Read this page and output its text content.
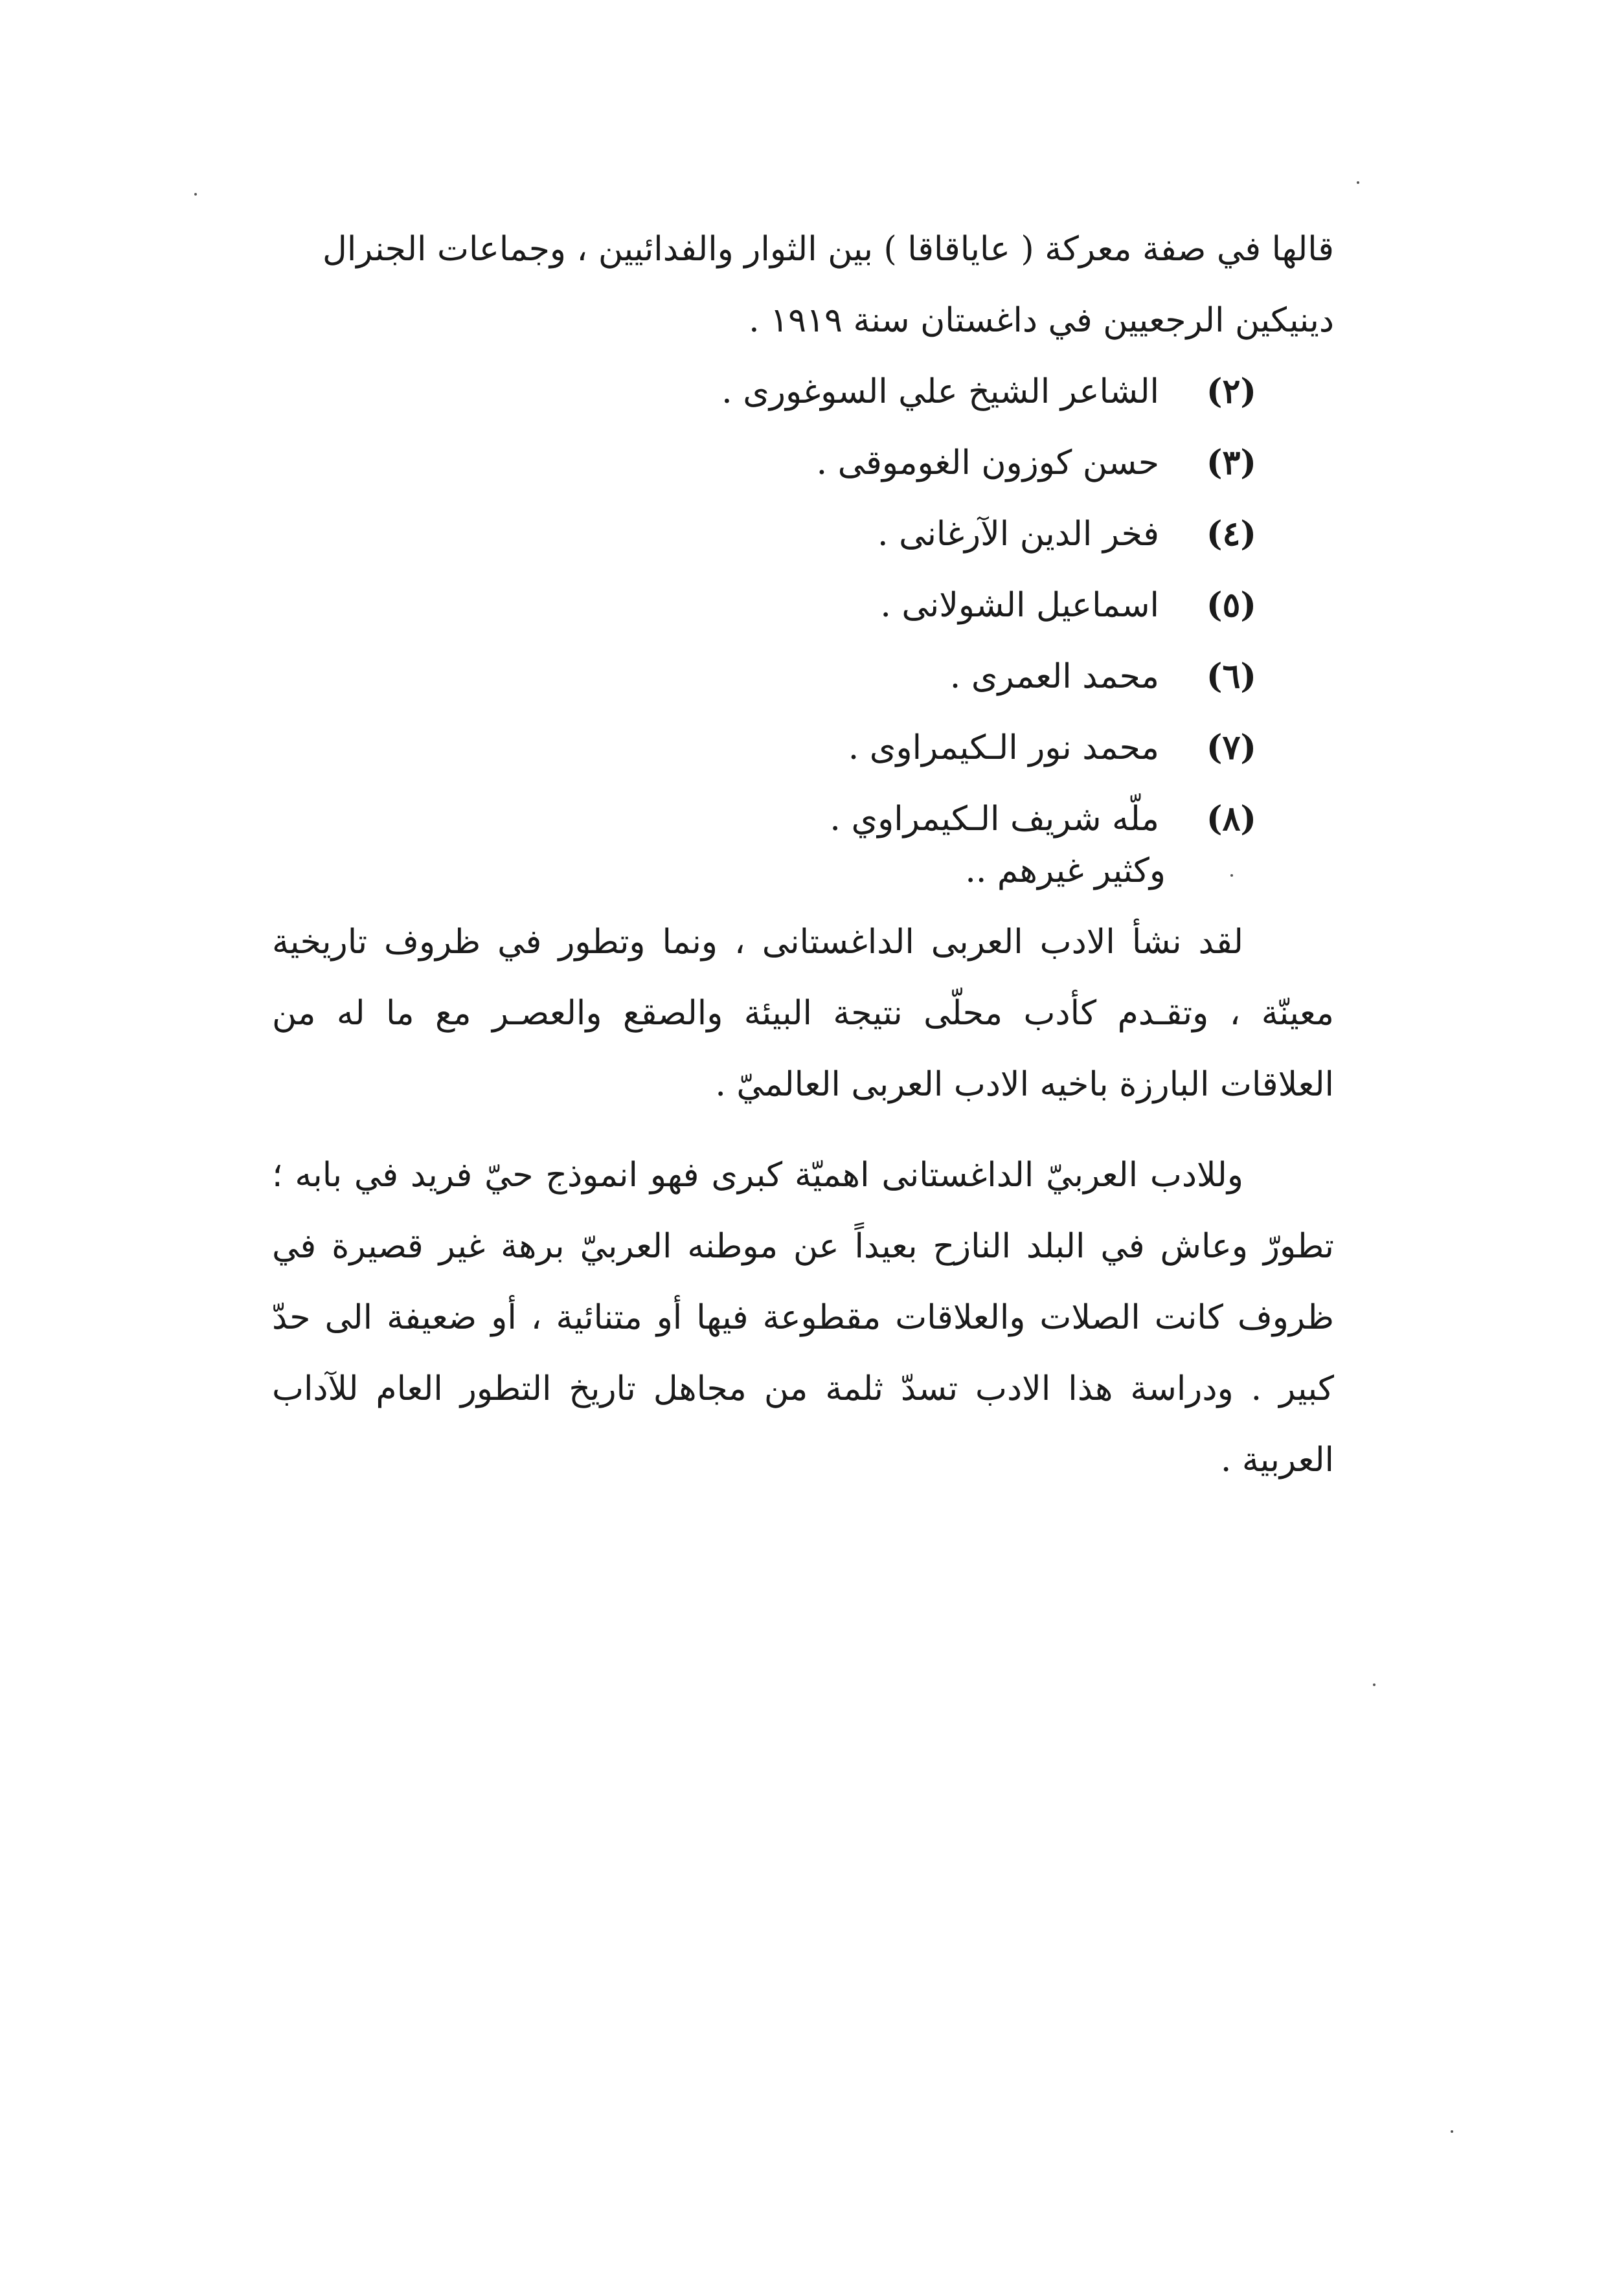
قالها في صفة معركة ( عاياقاقا ) بين الثوار والفدائيين ، وجماعات الجنرال
دينيكين الرجعيين في داغستان سنة ١٩١٩ .
(٢)
الشاعر الشيخ علي السوغورى .
(٣)
حسن كوزون الغوموقى .
(٤)
فخر الدين الآرغانى .
(٥)
اسماعيل الشولانى .
(٦)
محمد العمرى .
(٧)
محمد نور الـكيمراوى .
(٨)
ملّه شريف الـكيمراوي .
وكثير غيرهم ..

لقد نشأ الادب العربى الداغستانى ، ونما وتطور في ظروف تاريخية معينّة ، وتقـدم كأدب محلّى نتيجة البيئة والصقع والعصـر مع ما له من العلاقات البارزة باخيه الادب العربى العالميّ .

وللادب العربيّ الداغستانى اهميّة كبرى فهو انموذج حيّ فريد في بابه ؛ تطورّ وعاش في البلد النازح بعيداً عن موطنه العربيّ برهة غير قصيرة في ظروف كانت الصلات والعلاقات مقطوعة فيها أو متنائية ، أو ضعيفة الى حدّ كبير . ودراسة هذا الادب تسدّ ثلمة من مجاهل تاريخ التطور العام للآداب العربية .
